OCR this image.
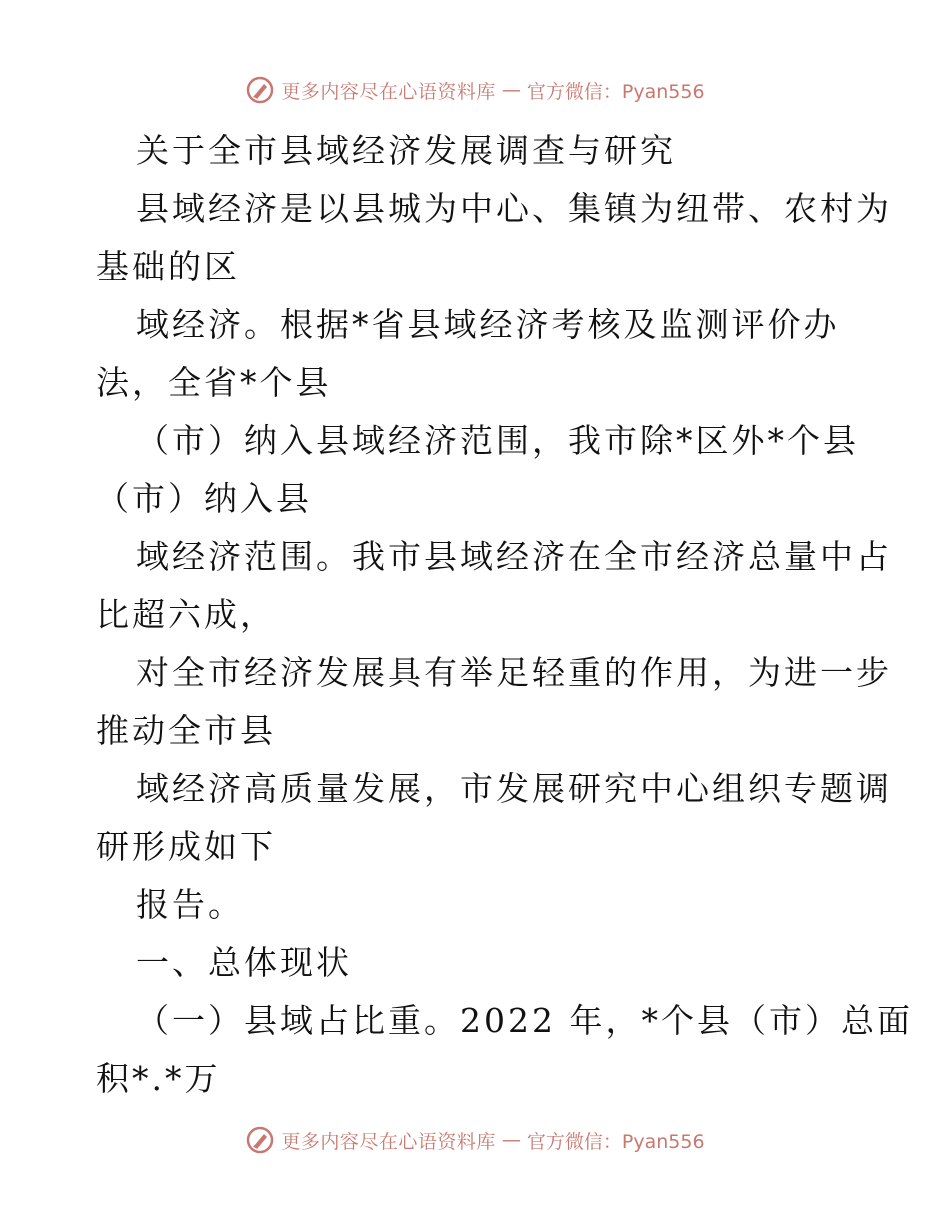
更多内容尽在心语资料库 — 官方微信：Pyan556

关于全市县域经济发展调查与研究

县域经济是以县城为中心、集镇为纽带、农村为

基础的区

域经济。根据*省县域经济考核及监测评价办

法，全省*个县

（市）纳入县域经济范围，我市除*区外*个县

（市）纳入县

域经济范围。我市县域经济在全市经济总量中占

比超六成，

对全市经济发展具有举足轻重的作用，为进一步

推动全市县

域经济高质量发展，市发展研究中心组织专题调

研形成如下

报告。

一、总体现状

（一）县域占比重。2022 年，*个县（市）总面

积*.*万

更多内容尽在心语资料库 — 官方微信：Pyan556
